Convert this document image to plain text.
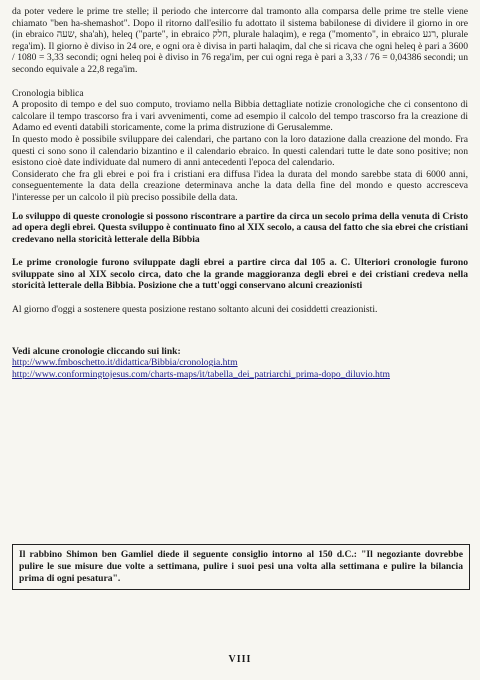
da poter vedere le prime tre stelle; il periodo che intercorre dal tramonto alla comparsa delle prime tre stelle viene chiamato "ben ha-shemashot". Dopo il ritorno dall'esilio fu adottato il sistema babilonese di dividere il giorno in ore (in ebraico שעה, sha'ah), heleq ("parte", in ebraico חלק, plurale halaqim), e rega ("momento", in ebraico רגע, plurale rega'im). Il giorno è diviso in 24 ore, e ogni ora è divisa in parti halaqim, dal che si ricava che ogni heleq è pari a 3600 / 1080 = 3,33 secondi; ogni heleq poi è diviso in 76 rega'im, per cui ogni rega è pari a 3,33 / 76 = 0,04386 secondi; un secondo equivale a 22,8 rega'im.

Cronologia biblica

A proposito di tempo e del suo computo, troviamo nella Bibbia dettagliate notizie cronologiche che ci consentono di calcolare il tempo trascorso fra i vari avvenimenti, come ad esempio il calcolo del tempo trascorso fra la creazione di Adamo ed eventi databili storicamente, come la prima distruzione di Gerusalemme.

In questo modo è possibile sviluppare dei calendari, che partano con la loro datazione dalla creazione del mondo. Fra questi ci sono sono il calendario bizantino e il calendario ebraico. In questi calendari tutte le date sono positive; non esistono cioè date individuate dal numero di anni antecedenti l'epoca del calendario.

Considerato che fra gli ebrei e poi fra i cristiani era diffusa l'idea la durata del mondo sarebbe stata di 6000 anni, conseguentemente la data della creazione determinava anche la data della fine del mondo e questo accresceva l'interesse per un calcolo il più preciso possibile della data.

Lo sviluppo di queste cronologie si possono riscontrare a partire da circa un secolo prima della venuta di Cristo ad opera degli ebrei. Questa sviluppo è continuato fino al XIX secolo, a causa del fatto che sia ebrei che cristiani credevano nella storicità letterale della Bibbia

Le prime cronologie furono sviluppate dagli ebrei a partire circa dal 105 a. C. Ulteriori cronologie furono sviluppate sino al XIX secolo circa, dato che la grande maggioranza degli ebrei e dei cristiani credeva nella storicità letterale della Bibbia. Posizione che a tutt'oggi conservano alcuni creazionisti

Al giorno d'oggi a sostenere questa posizione restano soltanto alcuni dei cosiddetti creazionisti.

Vedi alcune cronologie cliccando sui link:

http://www.fmboschetto.it/didattica/Bibbia/cronologia.htm
http://www.conformingtojesus.com/charts-maps/it/tabella_dei_patriarchi_prima-dopo_diluvio.htm
Il rabbino Shimon ben Gamliel diede il seguente consiglio intorno al 150 d.C.: "Il negoziante dovrebbe pulire le sue misure due volte a settimana, pulire i suoi pesi una volta alla settimana e pulire la bilancia prima di ogni pesatura".
VIII
